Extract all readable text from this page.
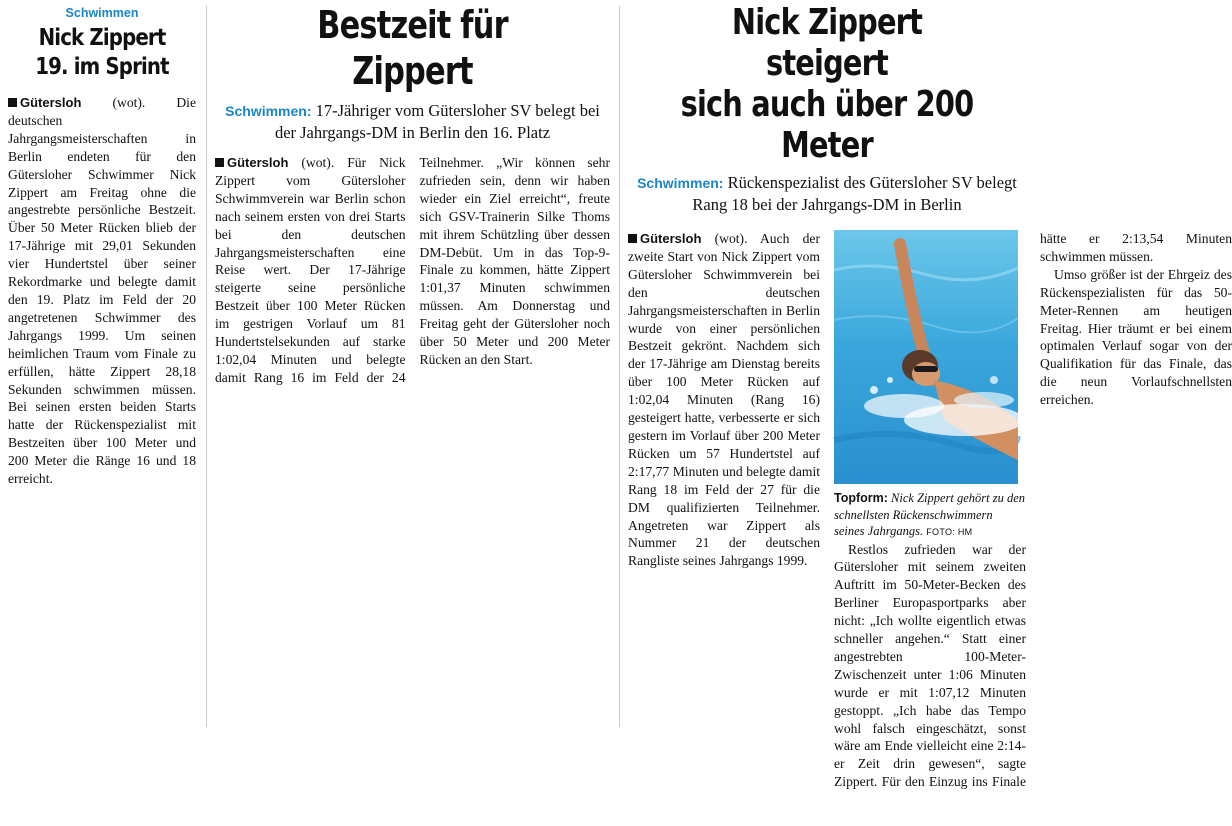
Schwimmen
Nick Zippert
19. im Sprint

Gütersloh (wot). Die deutschen Jahrgangsmeisterschaften in Berlin endeten für den Gütersloher Schwimmer Nick Zippert am Freitag ohne die angestrebte persönliche Bestzeit. Über 50 Meter Rücken blieb der 17-Jährige mit 29,01 Sekunden vier Hundertstel über seiner Rekordmarke und belegte damit den 19. Platz im Feld der 20 angetretenen Schwimmer des Jahrgangs 1999. Um seinen heimlichen Traum vom Finale zu erfüllen, hätte Zippert 28,18 Sekunden schwimmen müssen. Bei seinen ersten beiden Starts hatte der Rückenspezialist mit Bestzeiten über 100 Meter und 200 Meter die Ränge 16 und 18 erreicht.

Bestzeit für Zippert
Schwimmen: 17-Jähriger vom Gütersloher SV belegt bei der Jahrgangs-DM in Berlin den 16. Platz

Gütersloh (wot). Für Nick Zippert vom Gütersloher Schwimmverein war Berlin schon nach seinem ersten von drei Starts bei den deutschen Jahrgangsmeisterschaften eine Reise wert. Der 17-Jährige steigerte seine persönliche Bestzeit über 100 Meter Rücken im gestrigen Vorlauf um 81 Hundertstelsekunden auf starke 1:02,04 Minuten und belegte damit Rang 16 im Feld der 24 Teilnehmer. „Wir können sehr zufrieden sein, denn wir haben wieder ein Ziel erreicht“, freute sich GSV-Trainerin Silke Thoms mit ihrem Schützling über dessen DM-Debüt. Um in das Top-9-Finale zu kommen, hätte Zippert 1:01,37 Minuten schwimmen müssen. Am Donnerstag und Freitag geht der Gütersloher noch über 50 Meter und 200 Meter Rücken an den Start.

Nick Zippert steigert
sich auch über 200 Meter
Schwimmen: Rückenspezialist des Gütersloher SV belegt Rang 18 bei der Jahrgangs-DM in Berlin

Gütersloh (wot). Auch der zweite Start von Nick Zippert vom Gütersloher Schwimmverein bei den deutschen Jahrgangsmeisterschaften in Berlin wurde von einer persönlichen Bestzeit gekrönt. Nachdem sich der 17-Jährige am Dienstag bereits über 100 Meter Rücken auf 1:02,04 Minuten (Rang 16) gesteigert hatte, verbesserte er sich gestern im Vorlauf über 200 Meter Rücken um 57 Hundertstel auf 2:17,77 Minuten und belegte damit Rang 18 im Feld der 27 für die DM qualifizierten Teilnehmer. Angetreten war Zippert als Nummer 21 der deutschen Rangliste seines Jahrgangs 1999.

Topform: Nick Zippert gehört zu den schnellsten Rückenschwimmern seines Jahrgangs. FOTO: HM

Restlos zufrieden war der Gütersloher mit seinem zweiten Auftritt im 50-Meter-Becken des Berliner Europasportparks aber nicht: „Ich wollte eigentlich etwas schneller angehen.“ Statt einer angestrebten 100-Meter-Zwischenzeit unter 1:06 Minuten wurde er mit 1:07,12 Minuten gestoppt. „Ich habe das Tempo wohl falsch eingeschätzt, sonst wäre am Ende vielleicht eine 2:14-er Zeit drin gewesen“, sagte Zippert. Für den Einzug ins Finale hätte er 2:13,54 Minuten schwimmen müssen.

Umso größer ist der Ehrgeiz des Rückenspezialisten für das 50-Meter-Rennen am heutigen Freitag. Hier träumt er bei einem optimalen Verlauf sogar von der Qualifikation für das Finale, das die neun Vorlaufschnellsten erreichen.
